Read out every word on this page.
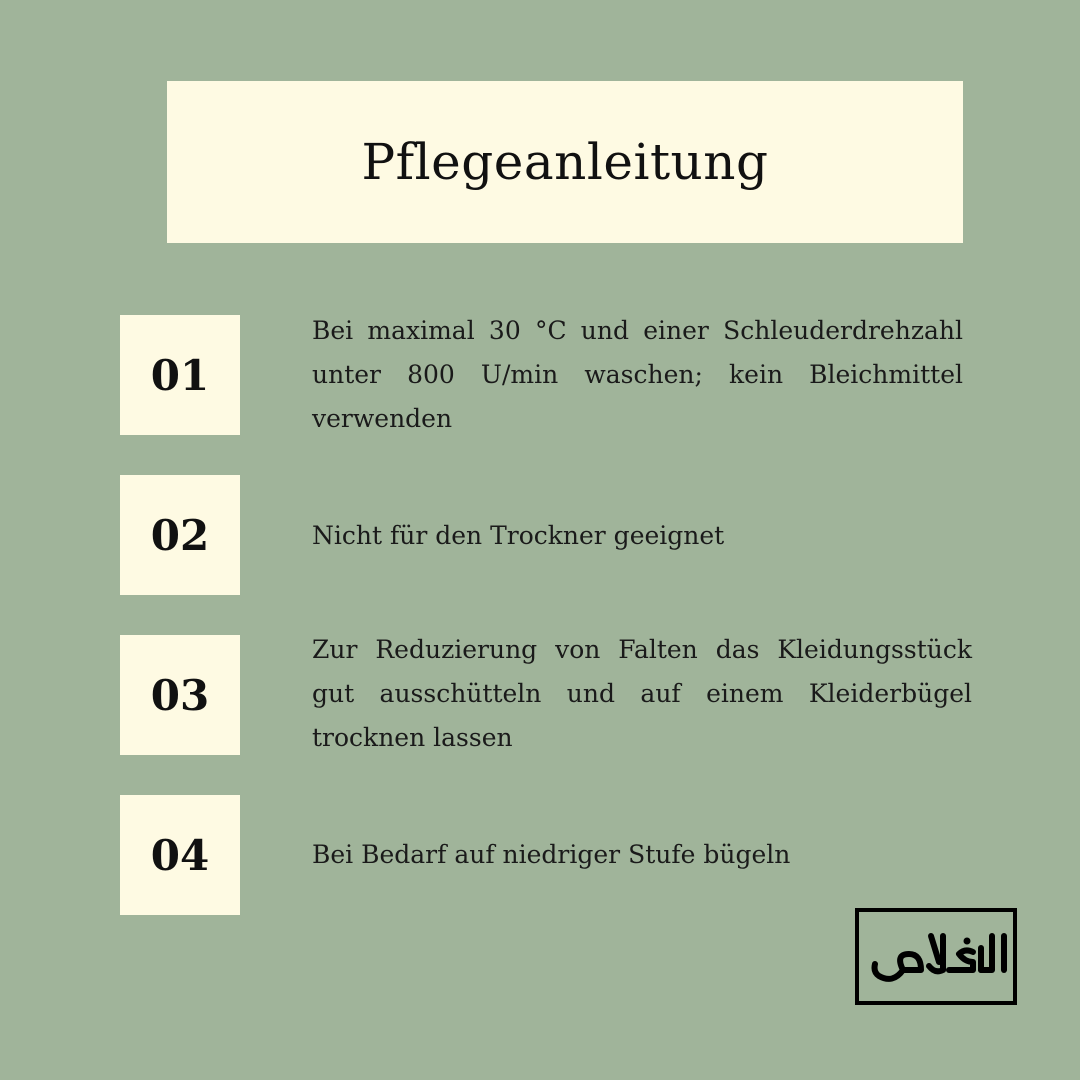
Pflegeanleitung
01
Bei maximal 30 °C und einer Schleuderdrehzahl unter 800 U/min waschen; kein Bleichmittel verwenden
02	Nicht für den Trockner geeignet
03
Zur Reduzierung von Falten das Kleidungsstück gut ausschütteln und auf einem Kleiderbügel trocknen lassen
04	Bei Bedarf auf niedriger Stufe bügeln
